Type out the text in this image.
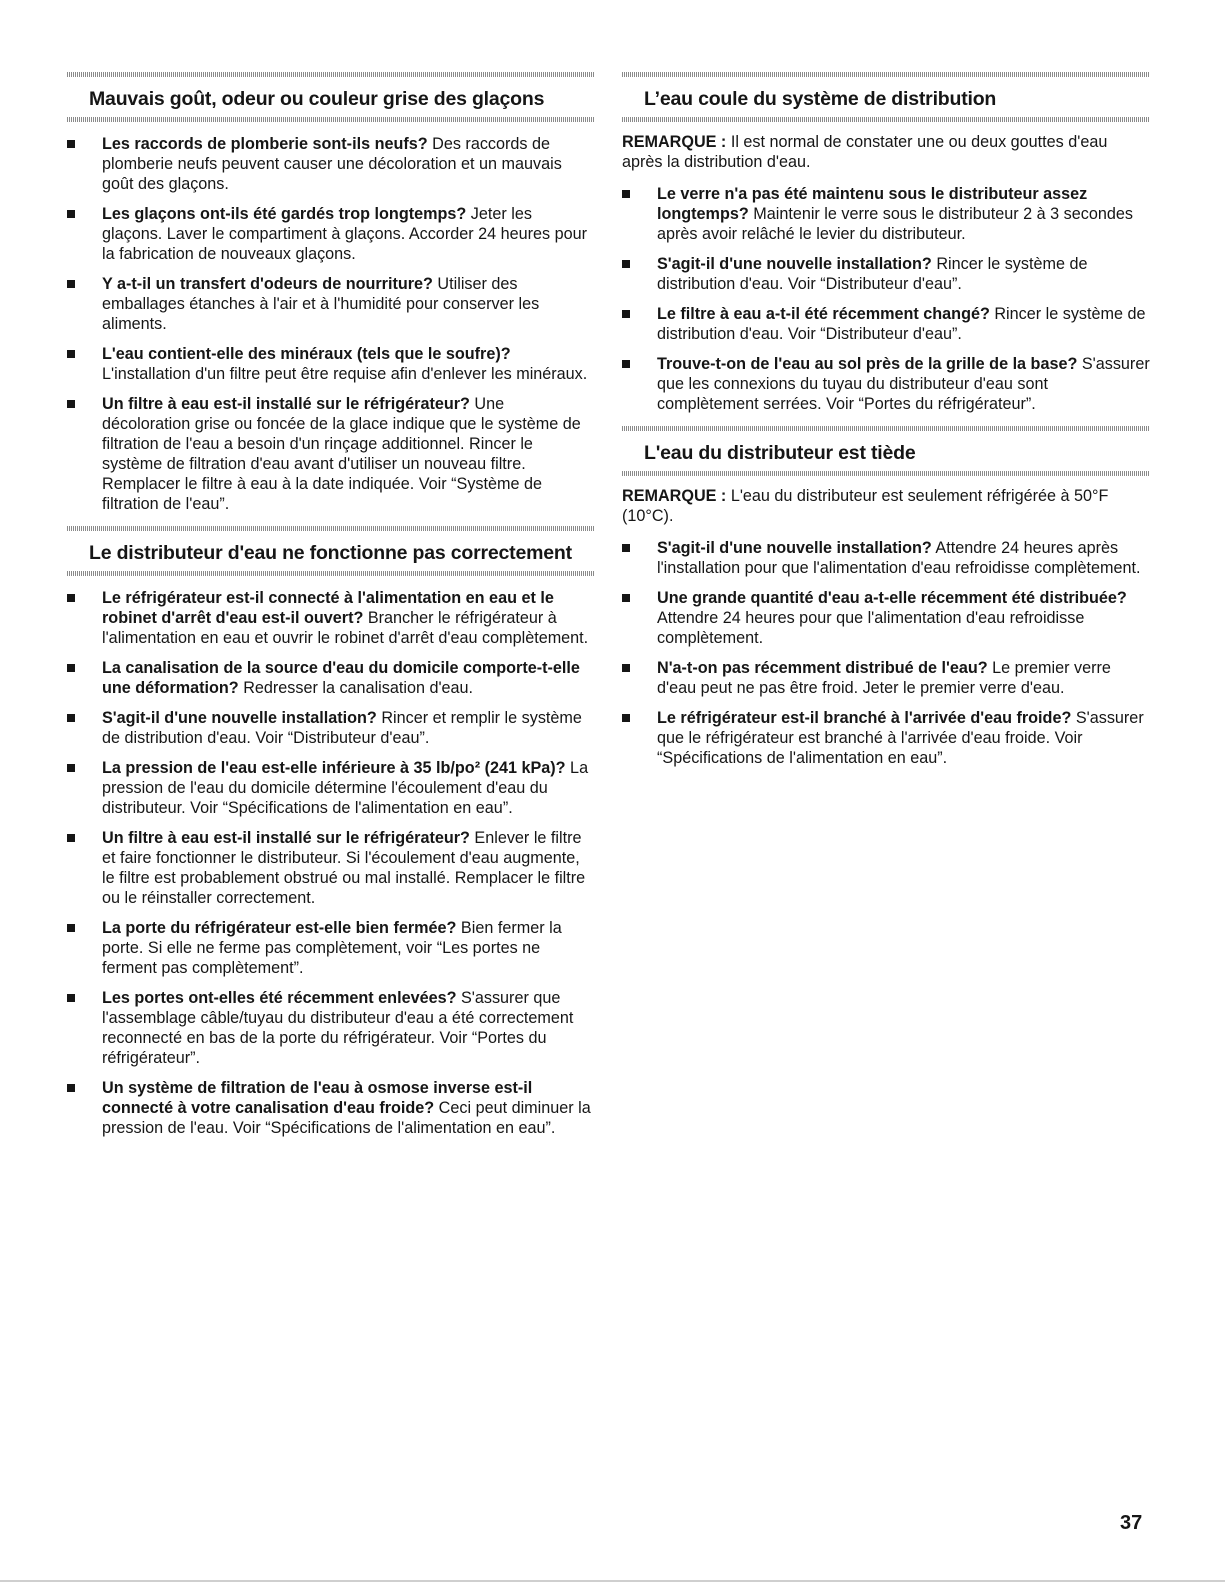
Mauvais goût, odeur ou couleur grise des glaçons
Les raccords de plomberie sont-ils neufs? Des raccords de plomberie neufs peuvent causer une décoloration et un mauvais goût des glaçons.
Les glaçons ont-ils été gardés trop longtemps? Jeter les glaçons. Laver le compartiment à glaçons. Accorder 24 heures pour la fabrication de nouveaux glaçons.
Y a-t-il un transfert d'odeurs de nourriture? Utiliser des emballages étanches à l'air et à l'humidité pour conserver les aliments.
L'eau contient-elle des minéraux (tels que le soufre)? L'installation d'un filtre peut être requise afin d'enlever les minéraux.
Un filtre à eau est-il installé sur le réfrigérateur? Une décoloration grise ou foncée de la glace indique que le système de filtration de l'eau a besoin d'un rinçage additionnel. Rincer le système de filtration d'eau avant d'utiliser un nouveau filtre. Remplacer le filtre à eau à la date indiquée. Voir “Système de filtration de l'eau”.
Le distributeur d'eau ne fonctionne pas correctement
Le réfrigérateur est-il connecté à l'alimentation en eau et le robinet d'arrêt d'eau est-il ouvert? Brancher le réfrigérateur à l'alimentation en eau et ouvrir le robinet d'arrêt d'eau complètement.
La canalisation de la source d'eau du domicile comporte-t-elle une déformation? Redresser la canalisation d'eau.
S'agit-il d'une nouvelle installation? Rincer et remplir le système de distribution d'eau. Voir “Distributeur d'eau”.
La pression de l'eau est-elle inférieure à 35 lb/po² (241 kPa)? La pression de l'eau du domicile détermine l'écoulement d'eau du distributeur. Voir “Spécifications de l'alimentation en eau”.
Un filtre à eau est-il installé sur le réfrigérateur? Enlever le filtre et faire fonctionner le distributeur. Si l'écoulement d'eau augmente, le filtre est probablement obstrué ou mal installé. Remplacer le filtre ou le réinstaller correctement.
La porte du réfrigérateur est-elle bien fermée? Bien fermer la porte. Si elle ne ferme pas complètement, voir “Les portes ne ferment pas complètement”.
Les portes ont-elles été récemment enlevées? S'assurer que l'assemblage câble/tuyau du distributeur d'eau a été correctement reconnecté en bas de la porte du réfrigérateur. Voir “Portes du réfrigérateur”.
Un système de filtration de l'eau à osmose inverse est-il connecté à votre canalisation d'eau froide? Ceci peut diminuer la pression de l'eau. Voir “Spécifications de l'alimentation en eau”.
L’eau coule du système de distribution
REMARQUE : Il est normal de constater une ou deux gouttes d'eau après la distribution d'eau.
Le verre n'a pas été maintenu sous le distributeur assez longtemps? Maintenir le verre sous le distributeur 2 à 3 secondes après avoir relâché le levier du distributeur.
S'agit-il d'une nouvelle installation? Rincer le système de distribution d'eau. Voir “Distributeur d'eau”.
Le filtre à eau a-t-il été récemment changé? Rincer le système de distribution d'eau. Voir “Distributeur d'eau”.
Trouve-t-on de l'eau au sol près de la grille de la base? S'assurer que les connexions du tuyau du distributeur d'eau sont complètement serrées. Voir “Portes du réfrigérateur”.
L'eau du distributeur est tiède
REMARQUE : L'eau du distributeur est seulement réfrigérée à 50°F (10°C).
S'agit-il d'une nouvelle installation? Attendre 24 heures après l'installation pour que l'alimentation d'eau refroidisse complètement.
Une grande quantité d'eau a-t-elle récemment été distribuée? Attendre 24 heures pour que l'alimentation d'eau refroidisse complètement.
N'a-t-on pas récemment distribué de l'eau? Le premier verre d'eau peut ne pas être froid. Jeter le premier verre d'eau.
Le réfrigérateur est-il branché à l'arrivée d'eau froide? S'assurer que le réfrigérateur est branché à l'arrivée d'eau froide. Voir “Spécifications de l'alimentation en eau”.
37
